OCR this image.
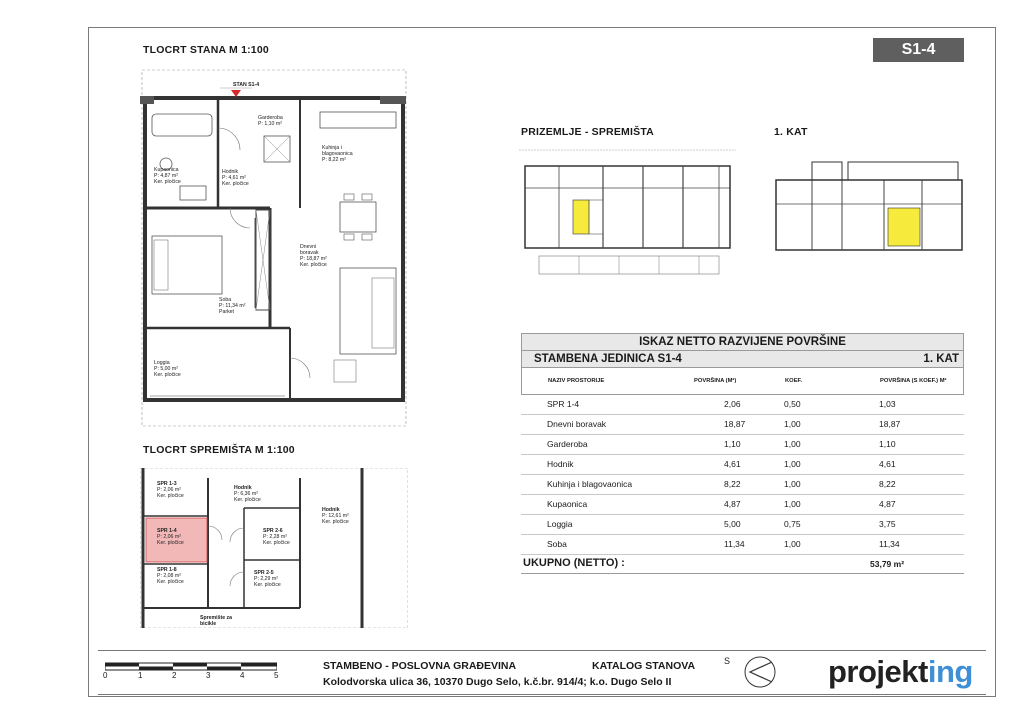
S1-4
TLOCRT STANA M 1:100
TLOCRT SPREMIŠTA M 1:100
PRIZEMLJE - SPREMIŠTA	1. KAT
STAN S1-4
Garderoba
P: 1,10 m²
Kupaonica
P: 4,87 m²
Ker. pločice
Hodnik
P: 4,61 m²
Ker. pločice
Kuhinja i
blagovaonica
P: 8,22 m²
Dnevni
boravak
P: 18,87 m²
Ker. pločice
Soba
P: 11,34 m²
Parket
Loggia
P: 5,00 m²
Ker. pločice
SPR 1-3
P: 2,06 m²
Ker. pločice
SPR 1-4
P: 2,06 m²
Ker. pločice
SPR 1-8
P: 2,08 m²
Ker. pločice
Hodnik
P: 6,36 m²
Ker. pločice
SPR 2-6
P: 2,28 m²
Ker. pločice
SPR 2-5
P: 2,29 m²
Ker. pločice
Hodnik
P: 12,61 m²
Ker. pločice
Spremište za
bicikle
ISKAZ NETTO RAZVIJENE POVRŠINE
STAMBENA JEDINICA S1-4	1. KAT
NAZIV PROSTORIJE	POVRŠINA (M²)	KOEF.	POVRŠINA (S KOEF.) M²
SPR 1-4	2,06	0,50	1,03
Dnevni boravak	18,87	1,00	18,87
Garderoba	1,10	1,00	1,10
Hodnik	4,61	1,00	4,61
Kuhinja i blagovaonica	8,22	1,00	8,22
Kupaonica	4,87	1,00	4,87
Loggia	5,00	0,75	3,75
Soba	11,34	1,00	11,34
UKUPNO (NETTO) :	53,79 m²
0	1	2	3	4	5
STAMBENO - POSLOVNA GRAĐEVINA	KATALOG STANOVA
Kolodvorska ulica 36, 10370 Dugo Selo, k.č.br. 914/4; k.o. Dugo Selo II
S	projekting
